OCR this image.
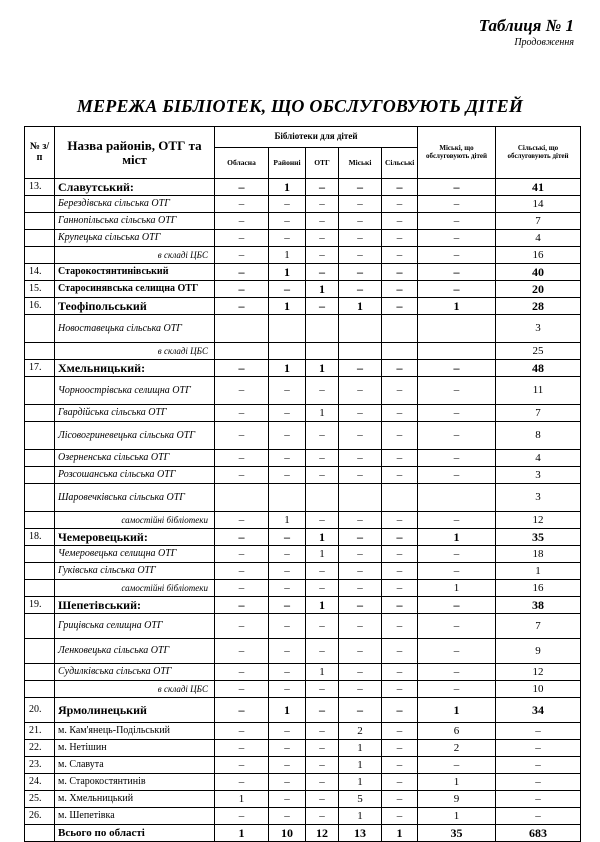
Таблиця № 1
Продовження
МЕРЕЖА БІБЛІОТЕК, ЩО ОБСЛУГОВУЮТЬ ДІТЕЙ
№ з/п	Назва районів, ОТГ та міст	Бібліотеки для дітей					Міські, що обслуговують дітей	Сільські, що обслуговують дітей
		Обласна	Районні	ОТГ	Міські	Сільські		
13.	Славутський:	–	1	–	–	–	–	41
	Берездівська сільська ОТГ	–	–	–	–	–	–	14
	Ганнопільська сільська ОТГ	–	–	–	–	–	–	7
	Крупецька сільська ОТГ	–	–	–	–	–	–	4
	в складі ЦБС	–	1	–	–	–	–	16
14.	Старокостянтинівський	–	1	–	–	–	–	40
15.	Старосинявська селищна ОТГ	–	–	1	–	–	–	20
16.	Теофіпольський	–	1	–	1	–	1	28
	Новоставецька сільська ОТГ							3
	в складі ЦБС							25
17.	Хмельницький:	–	1	1	–	–	–	48
	Чорноострівська селищна ОТГ	–	–	–	–	–	–	11
	Гвардійська сільська ОТГ	–	–	1	–	–	–	7
	Лісовогриневецька сільська ОТГ	–	–	–	–	–	–	8
	Озерненська сільська ОТГ	–	–	–	–	–	–	4
	Розсошанська сільська ОТГ	–	–	–	–	–	–	3
	Шаровечківська сільська ОТГ							3
	самостійні бібліотеки	–	1	–	–	–	–	12
18.	Чемеровецький:	–	–	1	–	–	1	35
	Чемеровецька селищна ОТГ	–	–	1	–	–	–	18
	Гуківська сільська ОТГ	–	–	–	–	–	–	1
	самостійні бібліотеки	–	–	–	–	–	1	16
19.	Шепетівський:	–	–	1	–	–	–	38
	Грицівська селищна ОТГ	–	–	–	–	–	–	7
	Ленковецька сільська ОТГ	–	–	–	–	–	–	9
	Судилківська сільська ОТГ	–	–	1	–	–	–	12
	в складі ЦБС	–	–	–	–	–	–	10
20.	Ярмолинецький	–	1	–	–	–	1	34
21.	м. Кам'янець-Подільський	–	–	–	2	–	6	–
22.	м. Нетішин	–	–	–	1	–	2	–
23.	м. Славута	–	–	–	1	–	–	–
24.	м. Старокостянтинів	–	–	–	1	–	1	–
25.	м. Хмельницький	1	–	–	5	–	9	–
26.	м. Шепетівка	–	–	–	1	–	1	–
	Всього по області	1	10	12	13	1	35	683
